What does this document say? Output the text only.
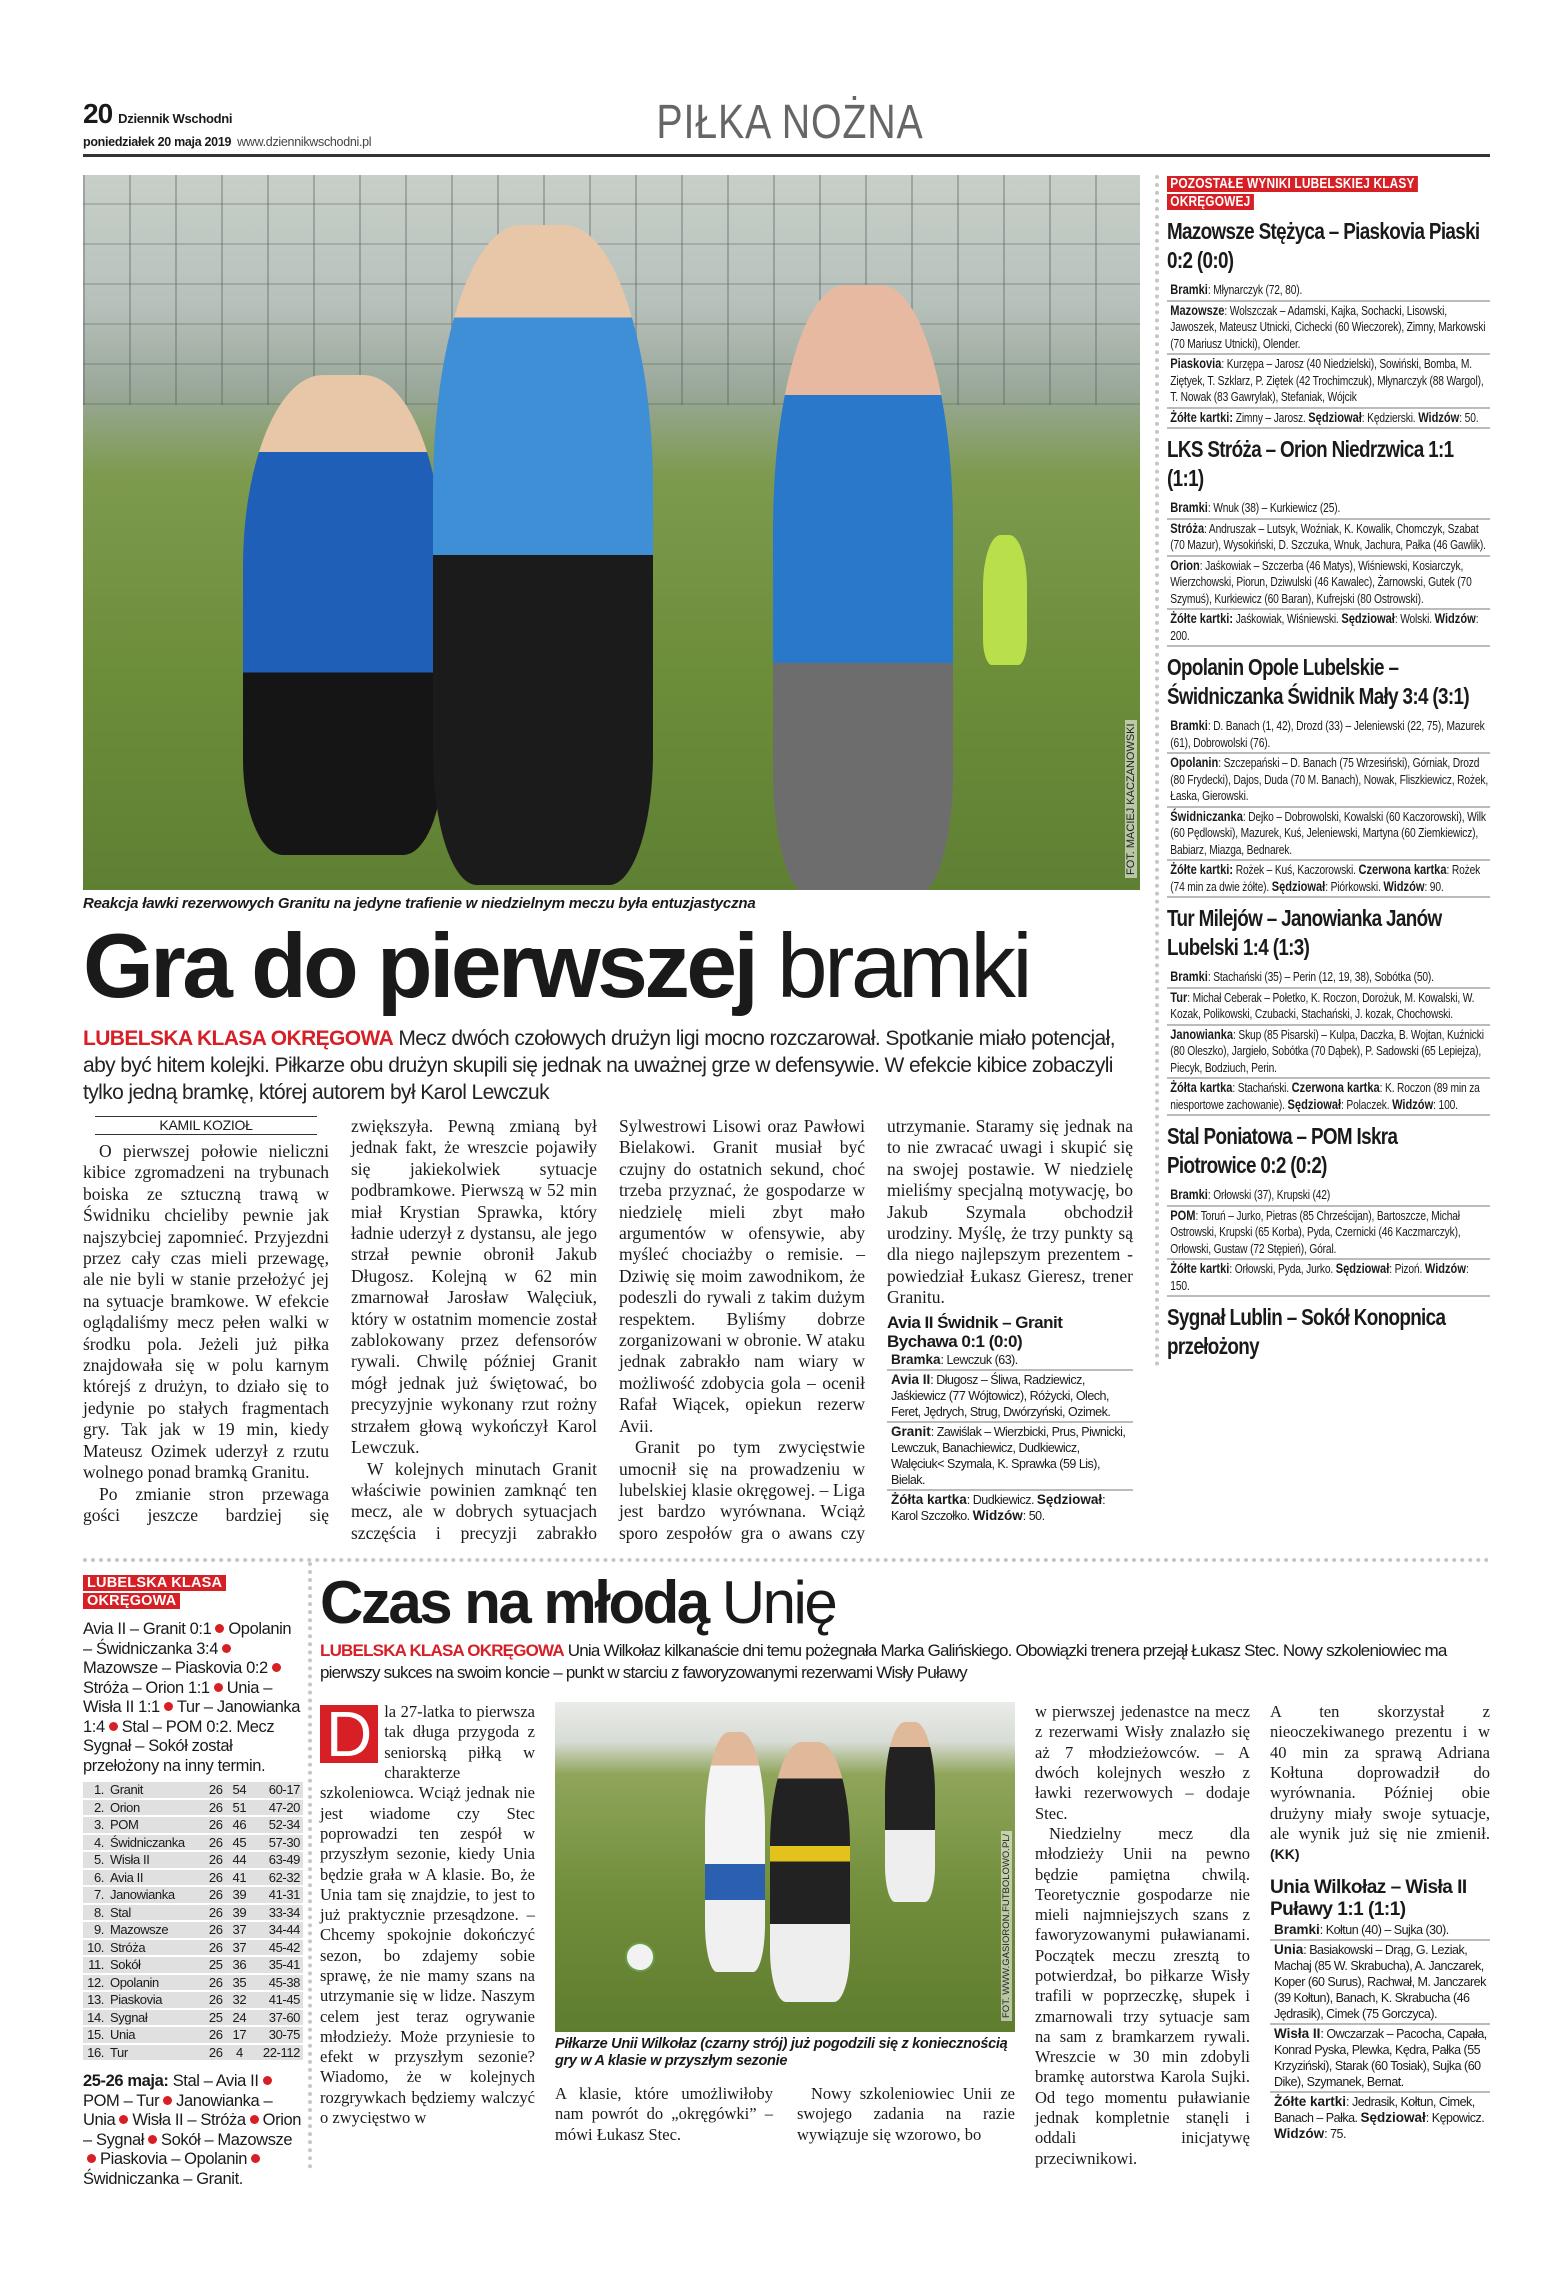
20 Dziennik Wschodni
poniedziałek 20 maja 2019 www.dziennikwschodni.pl	PIŁKA NOŻNA
FOT. MACIEJ KACZANOWSKI
Reakcja ławki rezerwowych Granitu na jedyne trafienie w niedzielnym meczu była entuzjastyczna
Gra do pierwszej bramki
LUBELSKA KLASA OKRĘGOWA Mecz dwóch czołowych drużyn ligi mocno rozczarował. Spotkanie miało potencjał, aby być hitem kolejki. Piłkarze obu drużyn skupili się jednak na uważnej grze w defensywie. W efekcie kibice zobaczyli tylko jedną bramkę, której autorem był Karol Lewczuk
KAMIL KOZIOŁ

O pierwszej połowie nieliczni kibice zgromadzeni na trybunach boiska ze sztuczną trawą w Świdniku chcieliby pewnie jak najszybciej zapomnieć. Przyjezdni przez cały czas mieli przewagę, ale nie byli w stanie przełożyć jej na sytuacje bramkowe. W efekcie oglądaliśmy mecz pełen walki w środku pola. Jeżeli już piłka znajdowała się w polu karnym którejś z drużyn, to działo się to jedynie po stałych fragmentach gry. Tak jak w 19 min, kiedy Mateusz Ozimek uderzył z rzutu wolnego ponad bramką Granitu.

Po zmianie stron przewaga gości jeszcze bardziej się zwiększyła. Pewną zmianą był jednak fakt, że wreszcie pojawiły się jakiekolwiek sytuacje podbramkowe. Pierwszą w 52 min miał Krystian Sprawka, który ładnie uderzył z dystansu, ale jego strzał pewnie obronił Jakub Długosz. Kolejną w 62 min zmarnował Jarosław Walęciuk, który w ostatnim momencie został zablokowany przez defensorów rywali. Chwilę później Granit mógł jednak już świętować, bo precyzyjnie wykonany rzut rożny strzałem głową wykończył Karol Lewczuk.

W kolejnych minutach Granit właściwie powinien zamknąć ten mecz, ale w dobrych sytuacjach szczęścia i precyzji zabrakło Sylwestrowi Lisowi oraz Pawłowi Bielakowi. Granit musiał być czujny do ostatnich sekund, choć trzeba przyznać, że gospodarze w niedzielę mieli zbyt mało argumentów w ofensywie, aby myśleć chociażby o remisie. – Dziwię się moim zawodnikom, że podeszli do rywali z takim dużym respektem. Byliśmy dobrze zorganizowani w obronie. W ataku jednak zabrakło nam wiary w możliwość zdobycia gola – ocenił Rafał Wiącek, opiekun rezerw Avii.

Granit po tym zwycięstwie umocnił się na prowadzeniu w lubelskiej klasie okręgowej. – Liga jest bardzo wyrównana. Wciąż sporo zespołów gra o awans czy utrzymanie. Staramy się jednak na to nie zwracać uwagi i skupić się na swojej postawie. W niedzielę mieliśmy specjalną motywację, bo Jakub Szymala obchodził urodziny. Myślę, że trzy punkty są dla niego najlepszym prezentem - powiedział Łukasz Gieresz, trener Granitu.

Avia II Świdnik – Granit Bychawa 0:1 (0:0)
Bramka: Lewczuk (63).
Avia II: Długosz – Śliwa, Radziewicz, Jaśkiewicz (77 Wójtowicz), Różycki, Olech, Feret, Jędrych, Strug, Dwórzyński, Ozimek.
Granit: Zawiślak – Wierzbicki, Prus, Piwnicki, Lewczuk, Banachiewicz, Dudkiewicz, Walęciuk< Szymala, K. Sprawka (59 Lis), Bielak.
Żółta kartka: Dudkiewicz. Sędziował: Karol Szczołko. Widzów: 50.
POZOSTAŁE WYNIKI LUBELSKIEJ KLASY OKRĘGOWEJ
Mazowsze Stężyca – Piaskovia Piaski 0:2 (0:0)
Bramki: Młynarczyk (72, 80).
Mazowsze: Wolszczak – Adamski, Kajka, Sochacki, Lisowski, Jawoszek, Mateusz Utnicki, Cichecki (60 Wieczorek), Zimny, Markowski (70 Mariusz Utnicki), Olender.
Piaskovia: Kurzępa – Jarosz (40 Niedzielski), Sowiński, Bomba, M. Ziętyek, T. Szklarz, P. Ziętek (42 Trochimczuk), Młynarczyk (88 Wargol), T. Nowak (83 Gawrylak), Stefaniak, Wójcik
Żółte kartki: Zimny – Jarosz. Sędziował: Kędzierski. Widzów: 50.
LKS Stróża – Orion Niedrzwica 1:1 (1:1)
Bramki: Wnuk (38) – Kurkiewicz (25).
Stróża: Andruszak – Lutsyk, Woźniak, K. Kowalik, Chomczyk, Szabat (70 Mazur), Wysokiński, D. Szczuka, Wnuk, Jachura, Pałka (46 Gawlik).
Orion: Jaśkowiak – Szczerba (46 Matys), Wiśniewski, Kosiarczyk, Wierzchowski, Piorun, Dziwulski (46 Kawalec), Żarnowski, Gutek (70 Szymuś), Kurkiewicz (60 Baran), Kufrejski (80 Ostrowski).
Żółte kartki: Jaśkowiak, Wiśniewski. Sędziował: Wolski. Widzów: 200.
Opolanin Opole Lubelskie – Świdniczanka Świdnik Mały 3:4 (3:1)
Bramki: D. Banach (1, 42), Drozd (33) – Jeleniewski (22, 75), Mazurek (61), Dobrowolski (76).
Opolanin: Szczepański – D. Banach (75 Wrzesiński), Górniak, Drozd (80 Frydecki), Dajos, Duda (70 M. Banach), Nowak, Fliszkiewicz, Rożek, Łaska, Gierowski.
Świdniczanka: Dejko – Dobrowolski, Kowalski (60 Kaczorowski), Wilk (60 Pędlowski), Mazurek, Kuś, Jeleniewski, Martyna (60 Ziemkiewicz), Babiarz, Miazga, Bednarek.
Żółte kartki: Rożek – Kuś, Kaczorowski. Czerwona kartka: Rożek (74 min za dwie żółte). Sędziował: Piórkowski. Widzów: 90.
Tur Milejów – Janowianka Janów Lubelski 1:4 (1:3)
Bramki: Stachański (35) – Perin (12, 19, 38), Sobótka (50).
Tur: Michał Ceberak – Połetko, K. Roczon, Dorożuk, M. Kowalski, W. Kozak, Polikowski, Czubacki, Stachański, J. kozak, Chochowski.
Janowianka: Skup (85 Pisarski) – Kulpa, Daczka, B. Wojtan, Kuźnicki (80 Oleszko), Jargieło, Sobótka (70 Dąbek), P. Sadowski (65 Lepiejza), Piecyk, Bodziuch, Perin.
Żółta kartka: Stachański. Czerwona kartka: K. Roczon (89 min za niesportowe zachowanie). Sędziował: Polaczek. Widzów: 100.
Stal Poniatowa – POM Iskra Piotrowice 0:2 (0:2)
Bramki: Orłowski (37), Krupski (42)
POM: Toruń – Jurko, Pietras (85 Chrześcijan), Bartoszcze, Michał Ostrowski, Krupski (65 Korba), Pyda, Czernicki (46 Kaczmarczyk), Orłowski, Gustaw (72 Stępień), Góral.
Żółte kartki: Orłowski, Pyda, Jurko. Sędziował: Pizoń. Widzów: 150.
Sygnał Lublin – Sokół Konopnica przełożony
LUBELSKA KLASA OKRĘGOWA
Avia II – Granit 0:1 Opolanin – Świdniczanka 3:4Mazowsze – Piaskovia 0:2Stróża – Orion 1:1 Unia – Wisła II 1:1 Tur – Janowianka 1:4 Stal – POM 0:2. Mecz Sygnał – Sokół został przełożony na inny termin.
1.	Granit	26	54	60-17
2.	Orion	26	51	47-20
3.	POM	26	46	52-34
4.	Świdniczanka	26	45	57-30
5.	Wisła II	26	44	63-49
6.	Avia II	26	41	62-32
7.	Janowianka	26	39	41-31
8.	Stal	26	39	33-34
9.	Mazowsze	26	37	34-44
10.	Stróża	26	37	45-42
11.	Sokół	25	36	35-41
12.	Opolanin	26	35	45-38
13.	Piaskovia	26	32	41-45
14.	Sygnał	25	24	37-60
15.	Unia	26	17	30-75
16.	Tur	26	4	22-112
25-26 maja: Stal – Avia IIPOM – Tur Janowianka – Unia Wisła II – Stróża Orion – Sygnał Sokół – MazowszePiaskovia – OpolaninŚwidniczanka – Granit.
Czas na młodą Unię
LUBELSKA KLASA OKRĘGOWA Unia Wilkołaz kilkanaście dni temu pożegnała Marka Galińskiego. Obowiązki trenera przejął Łukasz Stec. Nowy szkoleniowiec ma pierwszy sukces na swoim koncie – punkt w starciu z faworyzowanymi rezerwami Wisły Puławy

D la 27-latka to pierwsza tak długa przygoda z seniorską piłką w charakterze szkoleniowca. Wciąż jednak nie jest wiadome czy Stec poprowadzi ten zespół w przyszłym sezonie, kiedy Unia będzie grała w A klasie. Bo, że Unia tam się znajdzie, to jest to już praktycznie przesądzone. – Chcemy spokojnie dokończyć sezon, bo zdajemy sobie sprawę, że nie mamy szans na utrzymanie się w lidze. Naszym celem jest teraz ogrywanie młodzieży. Może przyniesie to efekt w przyszłym sezonie? Wiadomo, że w kolejnych rozgrywkach będziemy walczyć o zwycięstwo w

FOT. WWW.GASIORON.FUTBOLOWO.PL/
Piłkarze Unii Wilkołaz (czarny strój) już pogodzili się z koniecznością gry w A klasie w przyszłym sezonie

A klasie, które umożliwiłoby nam powrót do „okręgówki” – mówi Łukasz Stec.

Nowy szkoleniowiec Unii ze swojego zadania na razie wywiązuje się wzorowo, bo

w pierwszej jedenastce na mecz z rezerwami Wisły znalazło się aż 7 młodzieżowców. – A dwóch kolejnych weszło z ławki rezerwowych – dodaje Stec.

Niedzielny mecz dla młodzieży Unii na pewno będzie pamiętna chwilą. Teoretycznie gospodarze nie mieli najmniejszych szans z faworyzowanymi puławianami. Początek meczu zresztą to potwierdzał, bo piłkarze Wisły trafili w poprzeczkę, słupek i zmarnowali trzy sytuacje sam na sam z bramkarzem rywali. Wreszcie w 30 min zdobyli bramkę autorstwa Karola Sujki. Od tego momentu puławianie jednak kompletnie stanęli i oddali inicjatywę przeciwnikowi.

A ten skorzystał z nieoczekiwanego prezentu i w 40 min za sprawą Adriana Kołtuna doprowadził do wyrównania. Później obie drużyny miały swoje sytuacje, ale wynik już się nie zmienił. (KK)

Unia Wilkołaz – Wisła II Puławy 1:1 (1:1)
Bramki: Kołtun (40) – Sujka (30).
Unia: Basiakowski – Drąg, G. Leziak, Machaj (85 W. Skrabucha), A. Janczarek, Koper (60 Surus), Rachwał, M. Janczarek (39 Kołtun), Banach, K. Skrabucha (46 Jędrasik), Cimek (75 Gorczyca).
Wisła II: Owczarzak – Pacocha, Capała, Konrad Pyska, Plewka, Kędra, Pałka (55 Krzyziński), Starak (60 Tosiak), Sujka (60 Dike), Szymanek, Bernat.
Żółte kartki: Jedrasik, Kołtun, Cimek, Banach – Pałka. Sędziował: Kępowicz. Widzów: 75.
